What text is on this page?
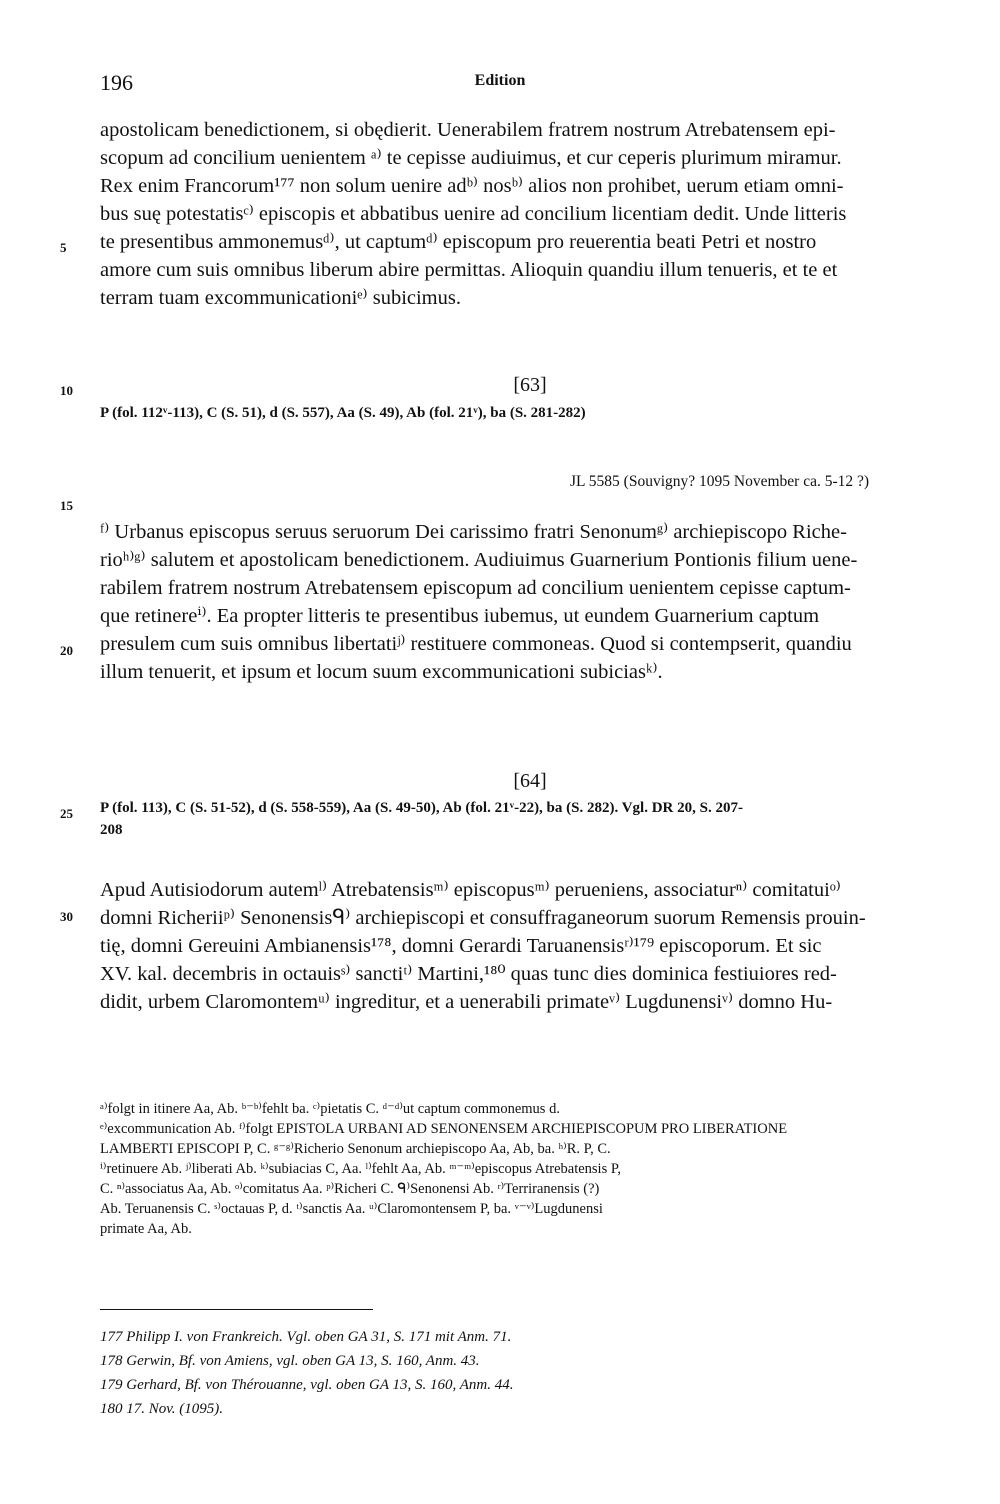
196	Edition
apostolicam benedictionem, si obędierit. Uenerabilem fratrem nostrum Atrebatensem epi-
scopum ad concilium uenientem ᵃ⁾ te cepisse audiuimus, et cur ceperis plurimum miramur.
Rex enim Francorum¹⁷⁷ non solum uenire adᵇ⁾ nosᵇ⁾ alios non prohibet, uerum etiam omni-
bus suę potestatisᶜ⁾ episcopis et abbatibus uenire ad concilium licentiam dedit. Unde litteris
te presentibus ammonemusᵈ⁾, ut captumᵈ⁾ episcopum pro reuerentia beati Petri et nostro
amore cum suis omnibus liberum abire permittas. Alioquin quandiu illum tenueris, et te et
terram tuam excommunicationiᵉ⁾ subicimus.
5
10
15
20
25
30
[63]
P (fol. 112ᵛ-113), C (S. 51), d (S. 557), Aa (S. 49), Ab (fol. 21ᵛ), ba (S. 281-282)
JL 5585 (Souvigny? 1095 November ca. 5-12 ?)
ᶠ⁾ Urbanus episcopus seruus seruorum Dei carissimo fratri Senonumᵍ⁾ archiepiscopo Riche-
rioʰ⁾ᵍ⁾ salutem et apostolicam benedictionem. Audiuimus Guarnerium Pontionis filium uene-
rabilem fratrem nostrum Atrebatensem episcopum ad concilium uenientem cepisse captum-
que retinereⁱ⁾. Ea propter litteris te presentibus iubemus, ut eundem Guarnerium captum
presulem cum suis omnibus libertatiʲ⁾ restituere commoneas. Quod si contempserit, quandiu
illum tenuerit, et ipsum et locum suum excommunicationi subiciasᵏ⁾.
[64]
P (fol. 113), C (S. 51-52), d (S. 558-559), Aa (S. 49-50), Ab (fol. 21ᵛ-22), ba (S. 282). Vgl. DR 20, S. 207-
208
Apud Autisiodorum autemˡ⁾ Atrebatensisᵐ⁾ episcopusᵐ⁾ perueniens, associaturⁿ⁾ comitatuiᵒ⁾
domni Richeriiᵖ⁾ Senonensisᑫ⁾ archiepiscopi et consuffraganeorum suorum Remensis prouin-
tię, domni Gereuini Ambianensis¹⁷⁸, domni Gerardi Taruanensisʳ⁾¹⁷⁹ episcoporum. Et sic
XV. kal. decembris in octauisˢ⁾ sanctiᵗ⁾ Martini,¹⁸⁰ quas tunc dies dominica festiuiores red-
didit, urbem Claromontemᵘ⁾ ingreditur, et a uenerabili primateᵛ⁾ Lugdunensiᵛ⁾ domno Hu-
ᵃ⁾folgt in itinere Aa, Ab. ᵇ⁻ᵇ⁾fehlt ba. ᶜ⁾pietatis C. ᵈ⁻ᵈ⁾ut captum commonemus d.
ᵉ⁾excommunication Ab. ᶠ⁾folgt EPISTOLA URBANI AD SENONENSEM ARCHIEPISCOPUM PRO LIBERATIONE
LAMBERTI EPISCOPI P, C. ᵍ⁻ᵍ⁾Richerio Senonum archiepiscopo Aa, Ab, ba. ʰ⁾R. P, C.
ⁱ⁾retinuere Ab. ʲ⁾liberati Ab. ᵏ⁾subiacias C, Aa. ˡ⁾fehlt Aa, Ab. ᵐ⁻ᵐ⁾episcopus Atrebatensis P,
C. ⁿ⁾associatus Aa, Ab. ᵒ⁾comitatus Aa. ᵖ⁾Richeri C. ᑫ⁾Senonensi Ab. ʳ⁾Terriranensis (?)
Ab. Teruanensis C. ˢ⁾octauas P, d. ᵗ⁾sanctis Aa. ᵘ⁾Claromontensem P, ba. ᵛ⁻ᵛ⁾Lugdunensi
primate Aa, Ab.
177 Philipp I. von Frankreich. Vgl. oben GA 31, S. 171 mit Anm. 71.
178 Gerwin, Bf. von Amiens, vgl. oben GA 13, S. 160, Anm. 43.
179 Gerhard, Bf. von Thérouanne, vgl. oben GA 13, S. 160, Anm. 44.
180 17. Nov. (1095).
